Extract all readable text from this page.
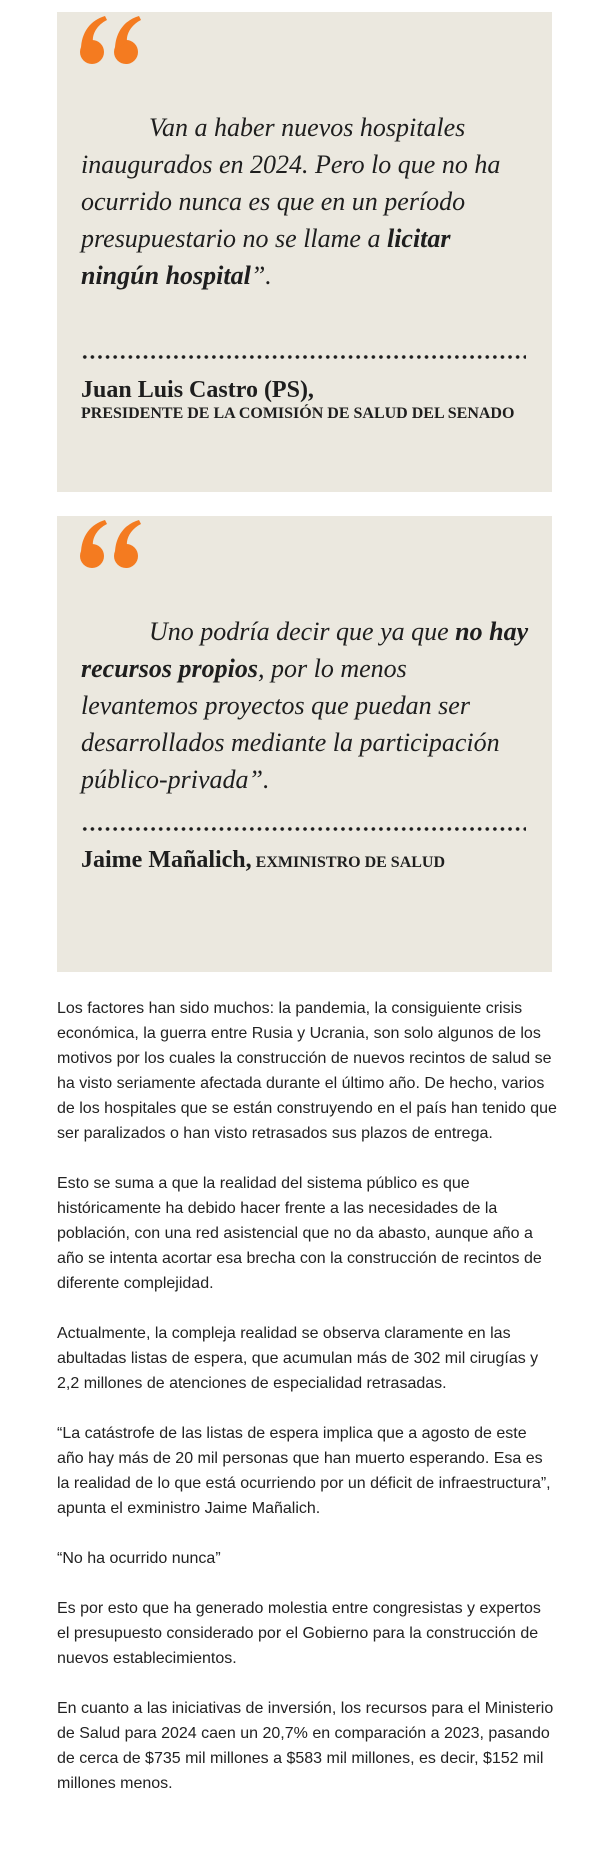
Van a haber nuevos hospitales inaugurados en 2024. Pero lo que no ha ocurrido nunca es que en un período presupuestario no se llame a licitar ningún hospital”.

Juan Luis Castro (PS),
PRESIDENTE DE LA COMISIÓN DE SALUD DEL SENADO

Uno podría decir que ya que no hay recursos propios, por lo menos levantemos proyectos que puedan ser desarrollados mediante la participación público-privada”.

Jaime Mañalich, EXMINISTRO DE SALUD

Los factores han sido muchos: la pandemia, la consiguiente crisis económica, la guerra entre Rusia y Ucrania, son solo algunos de los motivos por los cuales la construcción de nuevos recintos de salud se ha visto seriamente afectada durante el último año. De hecho, varios de los hospitales que se están construyendo en el país han tenido que ser paralizados o han visto retrasados sus plazos de entrega.

Esto se suma a que la realidad del sistema público es que históricamente ha debido hacer frente a las necesidades de la población, con una red asistencial que no da abasto, aunque año a año se intenta acortar esa brecha con la construcción de recintos de diferente complejidad.

Actualmente, la compleja realidad se observa claramente en las abultadas listas de espera, que acumulan más de 302 mil cirugías y 2,2 millones de atenciones de especialidad retrasadas.

“La catástrofe de las listas de espera implica que a agosto de este año hay más de 20 mil personas que han muerto esperando. Esa es la realidad de lo que está ocurriendo por un déficit de infraestructura”, apunta el exministro Jaime Mañalich.

“No ha ocurrido nunca”

Es por esto que ha generado molestia entre congresistas y expertos el presupuesto considerado por el Gobierno para la construcción de nuevos establecimientos.

En cuanto a las iniciativas de inversión, los recursos para el Ministerio de Salud para 2024 caen un 20,7% en comparación a 2023, pasando de cerca de $735 mil millones a $583 mil millones, es decir, $152 mil millones menos.
